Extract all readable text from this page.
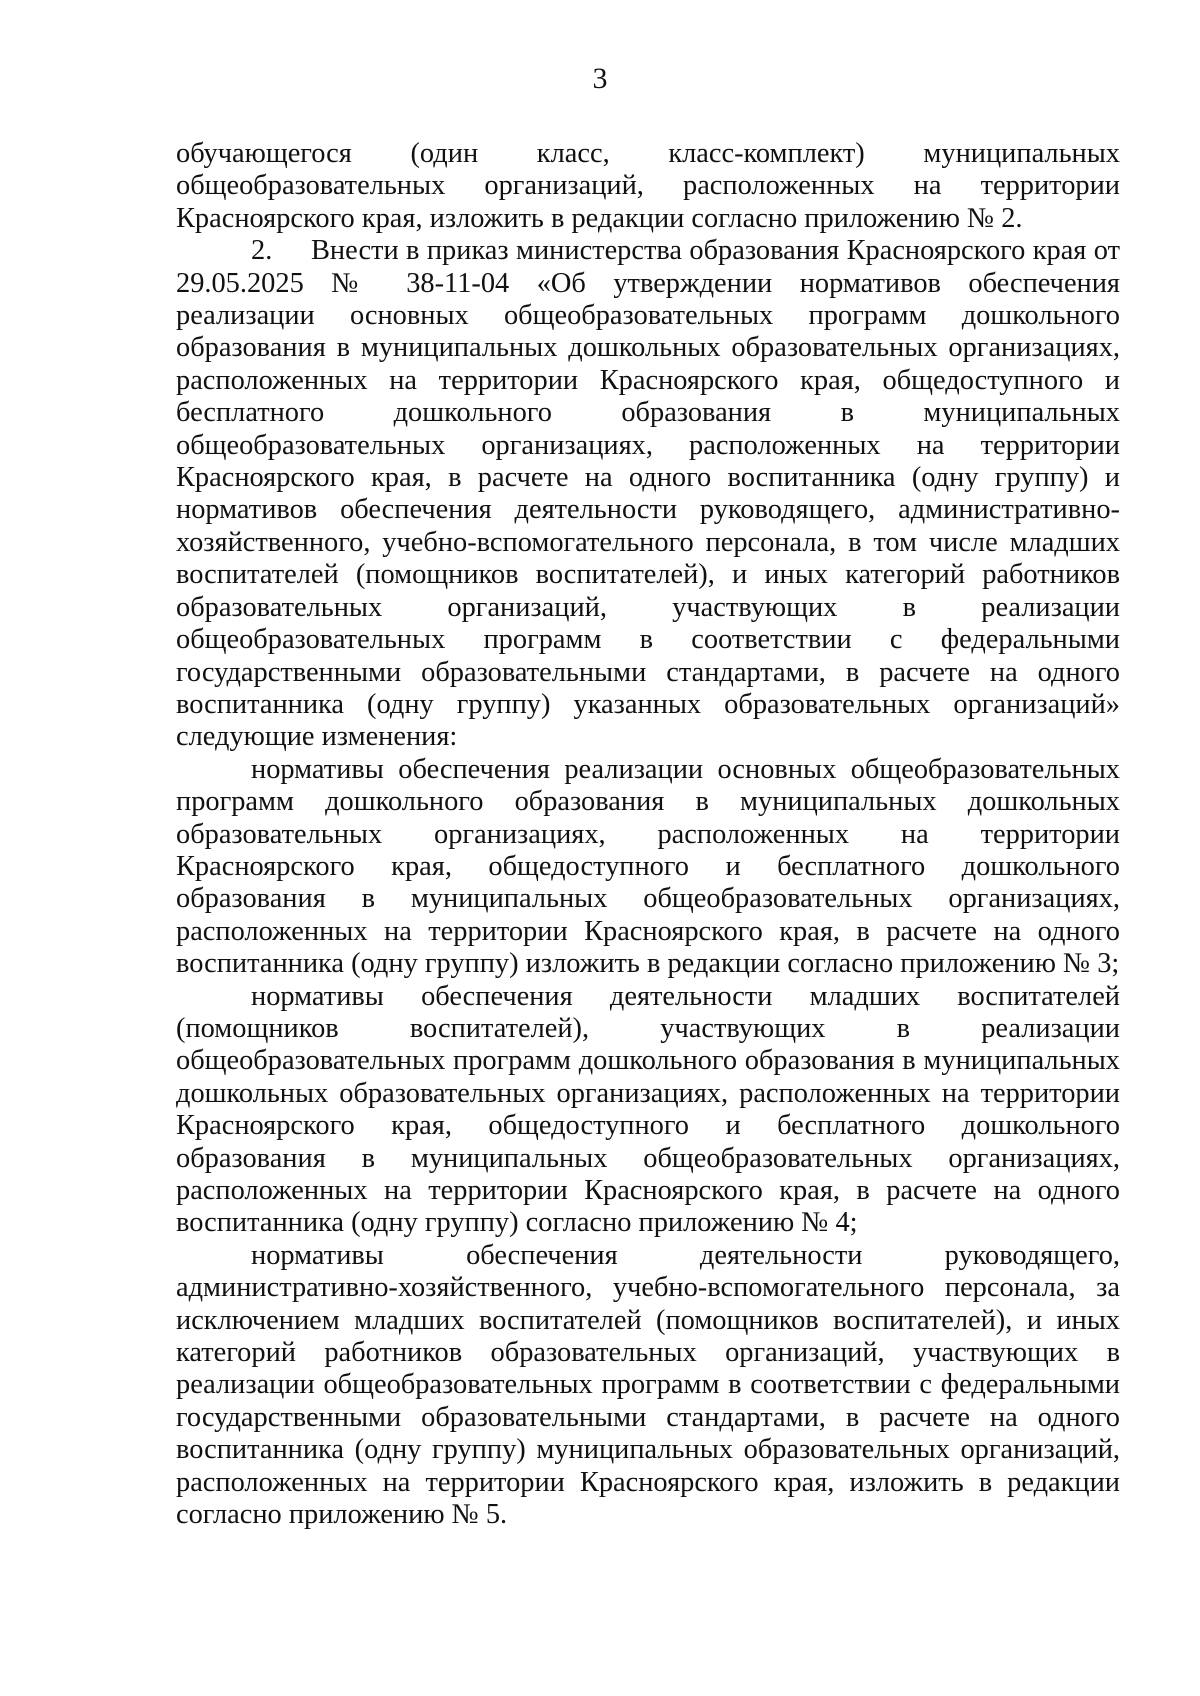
3

обучающегося (один класс, класс-комплект) муниципальных общеобразовательных организаций, расположенных на территории Красноярского края, изложить в редакции согласно приложению № 2.

2. Внести в приказ министерства образования Красноярского края от 29.05.2025 № 38-11-04 «Об утверждении нормативов обеспечения реализации основных общеобразовательных программ дошкольного образования в муниципальных дошкольных образовательных организациях, расположенных на территории Красноярского края, общедоступного и бесплатного дошкольного образования в муниципальных общеобразовательных организациях, расположенных на территории Красноярского края, в расчете на одного воспитанника (одну группу) и нормативов обеспечения деятельности руководящего, административно-хозяйственного, учебно-вспомогательного персонала, в том числе младших воспитателей (помощников воспитателей), и иных категорий работников образовательных организаций, участвующих в реализации общеобразовательных программ в соответствии с федеральными государственными образовательными стандартами, в расчете на одного воспитанника (одну группу) указанных образовательных организаций» следующие изменения:

нормативы обеспечения реализации основных общеобразовательных программ дошкольного образования в муниципальных дошкольных образовательных организациях, расположенных на территории Красноярского края, общедоступного и бесплатного дошкольного образования в муниципальных общеобразовательных организациях, расположенных на территории Красноярского края, в расчете на одного воспитанника (одну группу) изложить в редакции согласно приложению № 3;

нормативы обеспечения деятельности младших воспитателей (помощников воспитателей), участвующих в реализации общеобразовательных программ дошкольного образования в муниципальных дошкольных образовательных организациях, расположенных на территории Красноярского края, общедоступного и бесплатного дошкольного образования в муниципальных общеобразовательных организациях, расположенных на территории Красноярского края, в расчете на одного воспитанника (одну группу) согласно приложению № 4;

нормативы обеспечения деятельности руководящего, административно-хозяйственного, учебно-вспомогательного персонала, за исключением младших воспитателей (помощников воспитателей), и иных категорий работников образовательных организаций, участвующих в реализации общеобразовательных программ в соответствии с федеральными государственными образовательными стандартами, в расчете на одного воспитанника (одну группу) муниципальных образовательных организаций, расположенных на территории Красноярского края, изложить в редакции согласно приложению № 5.
